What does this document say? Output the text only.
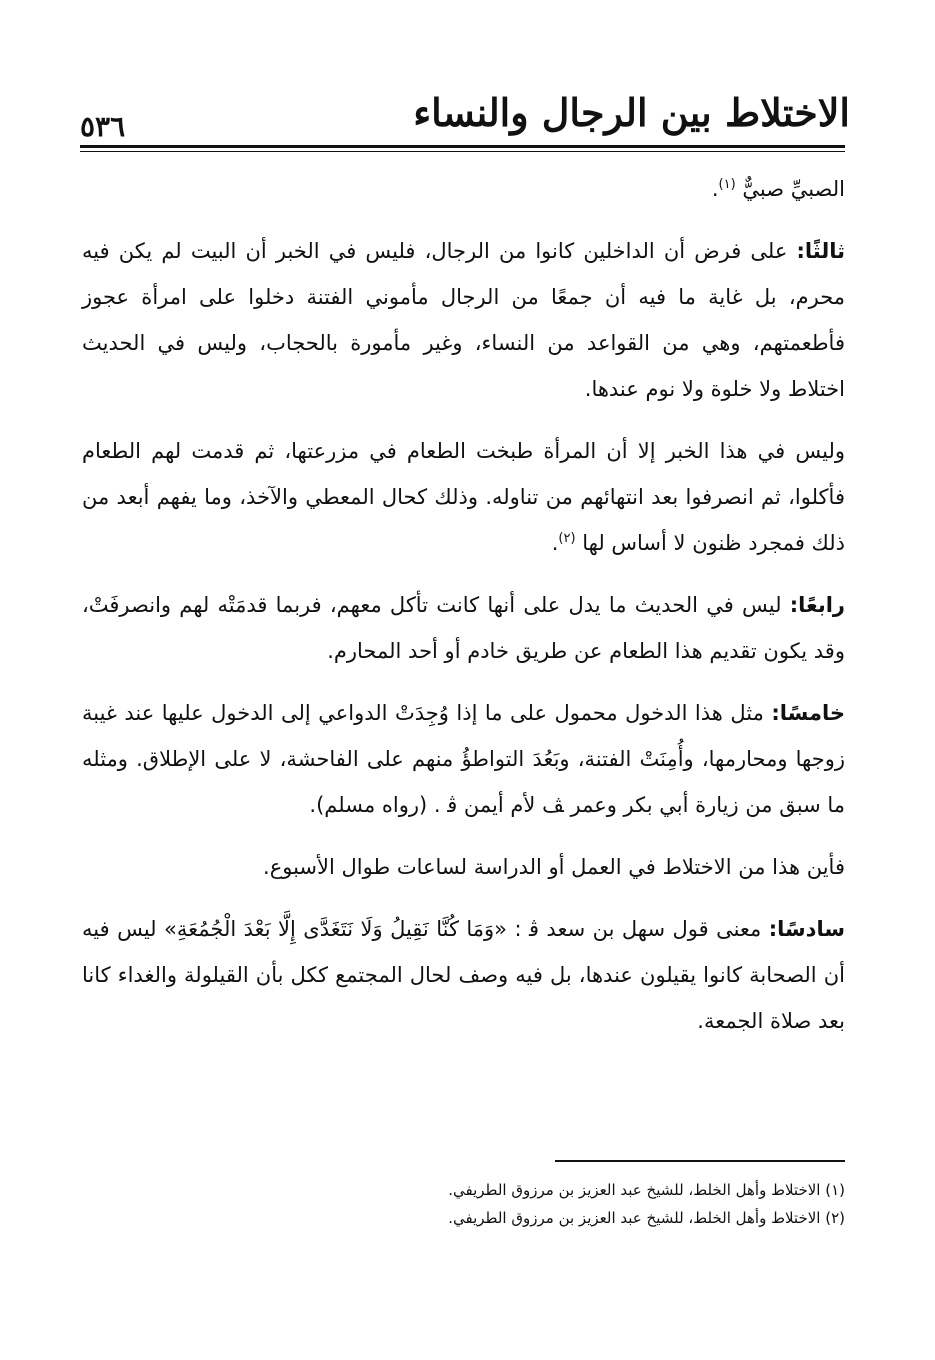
الاختلاط بين الرجال والنساء
٥٣٦

الصبيِّ صبيٌّ $^{(١)}$.

ثالثًا: على فرض أن الداخلين كانوا من الرجال، فليس في الخبر أن البيت لم يكن فيه محرم، بل غاية ما فيه أن جمعًا من الرجال مأموني الفتنة دخلوا على امرأة عجوز فأطعمتهم، وهي من القواعد من النساء، وغير مأمورة بالحجاب، وليس في الحديث اختلاط ولا خلوة ولا نوم عندها.

وليس في هذا الخبر إلا أن المرأة طبخت الطعام في مزرعتها، ثم قدمت لهم الطعام فأكلوا، ثم انصرفوا بعد انتهائهم من تناوله. وذلك كحال المعطي والآخذ، وما يفهم أبعد من ذلك فمجرد ظنون لا أساس لها $^{(٢)}$.

رابعًا: ليس في الحديث ما يدل على أنها كانت تأكل معهم، فربما قدمَتْه لهم وانصرفَتْ، وقد يكون تقديم هذا الطعام عن طريق خادم أو أحد المحارم.

خامسًا: مثل هذا الدخول محمول على ما إذا وُجِدَتْ الدواعي إلى الدخول عليها عند غيبة زوجها ومحارمها، وأُمِنَتْ الفتنة، وبَعُدَ التواطؤُ منهم على الفاحشة، لا على الإطلاق. ومثله ما سبق من زيارة أبي بكر وعمر ﭫ لأم أيمن ﭬ . (رواه مسلم).

فأين هذا من الاختلاط في العمل أو الدراسة لساعات طوال الأسبوع.

سادسًا: معنى قول سهل بن سعد ﭬ : «وَمَا كُنَّا نَقِيلُ وَلَا نَتَغَدَّى إِلَّا بَعْدَ الْجُمُعَةِ» ليس فيه أن الصحابة كانوا يقيلون عندها، بل فيه وصف لحال المجتمع ككل بأن القيلولة والغداء كانا بعد صلاة الجمعة.

(١) الاختلاط وأهل الخلط، للشيخ عبد العزيز بن مرزوق الطريفي.

(٢) الاختلاط وأهل الخلط، للشيخ عبد العزيز بن مرزوق الطريفي.
